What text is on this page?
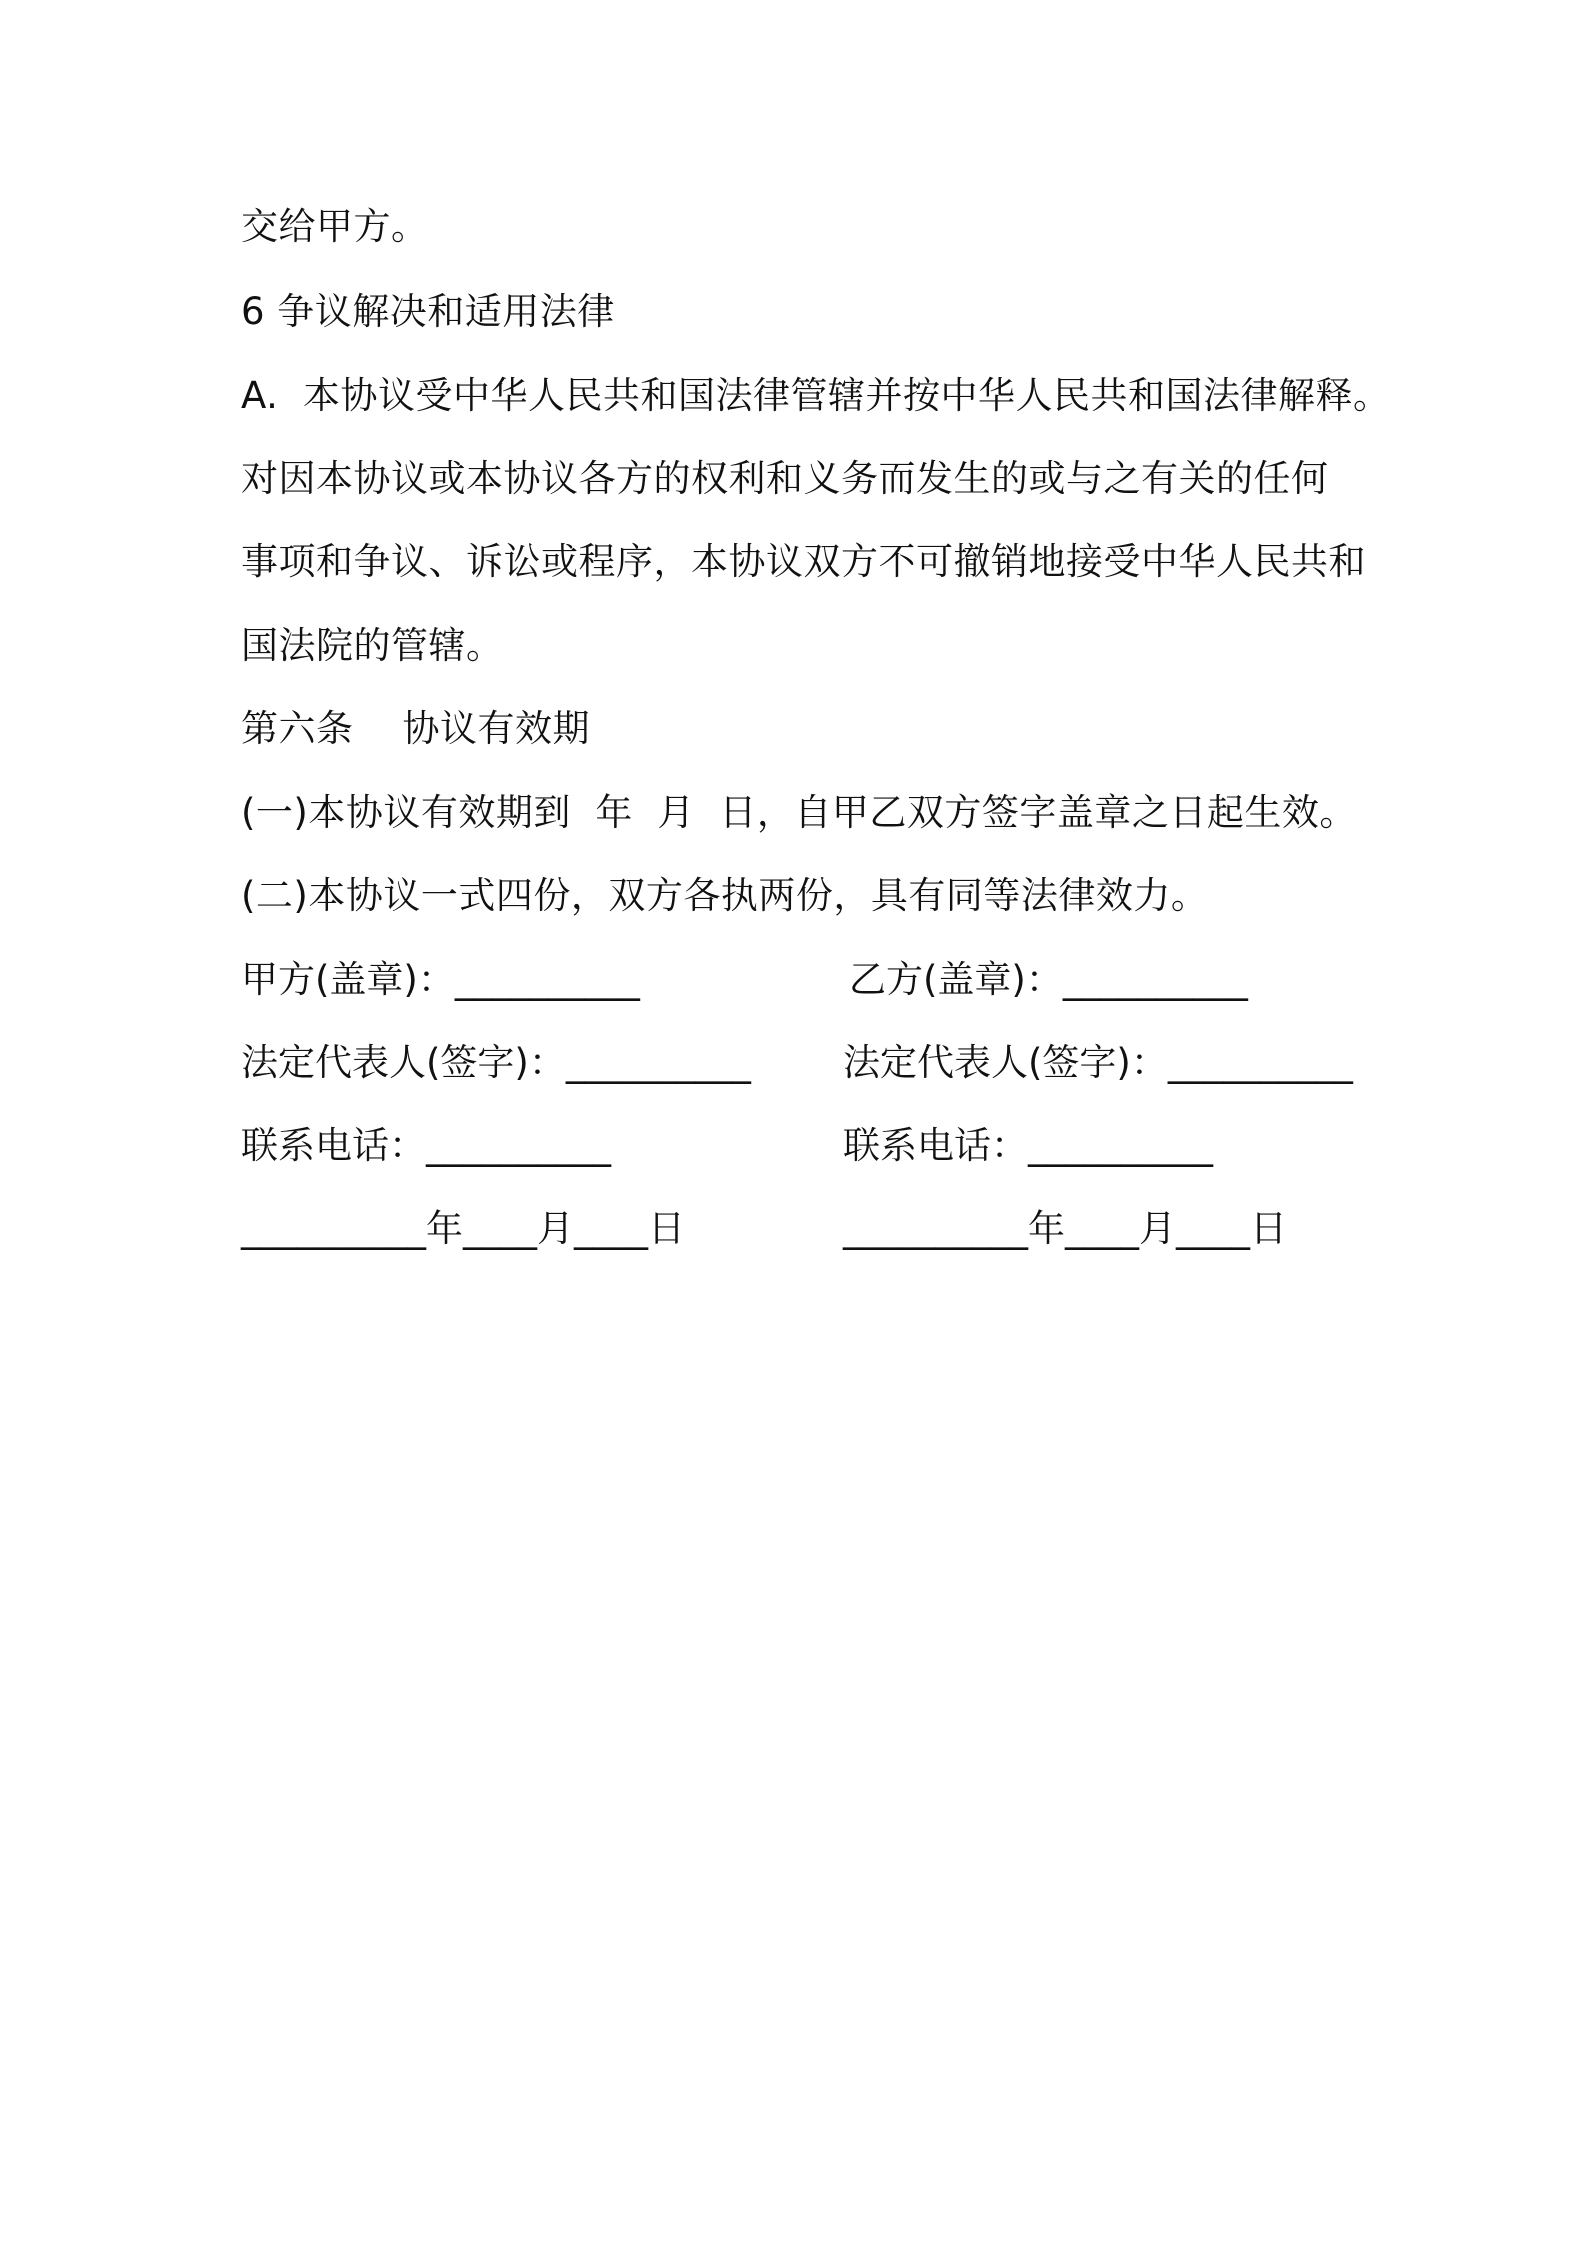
交给甲方。
6 争议解决和适用法律
A.  本协议受中华人民共和国法律管辖并按中华人民共和国法律解释。
对因本协议或本协议各方的权利和义务而发生的或与之有关的任何
事项和争议、诉讼或程序，本协议双方不可撤销地接受中华人民共和
国法院的管辖。
第六条    协议有效期
(一)本协议有效期到  年  月  日，自甲乙双方签字盖章之日起生效。
(二)本协议一式四份，双方各执两份，具有同等法律效力。
甲方(盖章)：__________	乙方(盖章)：__________
法定代表人(签字)：__________ 法定代表人(签字)：__________
联系电话：__________	联系电话：__________
__________年____月____日	__________年____月____日
